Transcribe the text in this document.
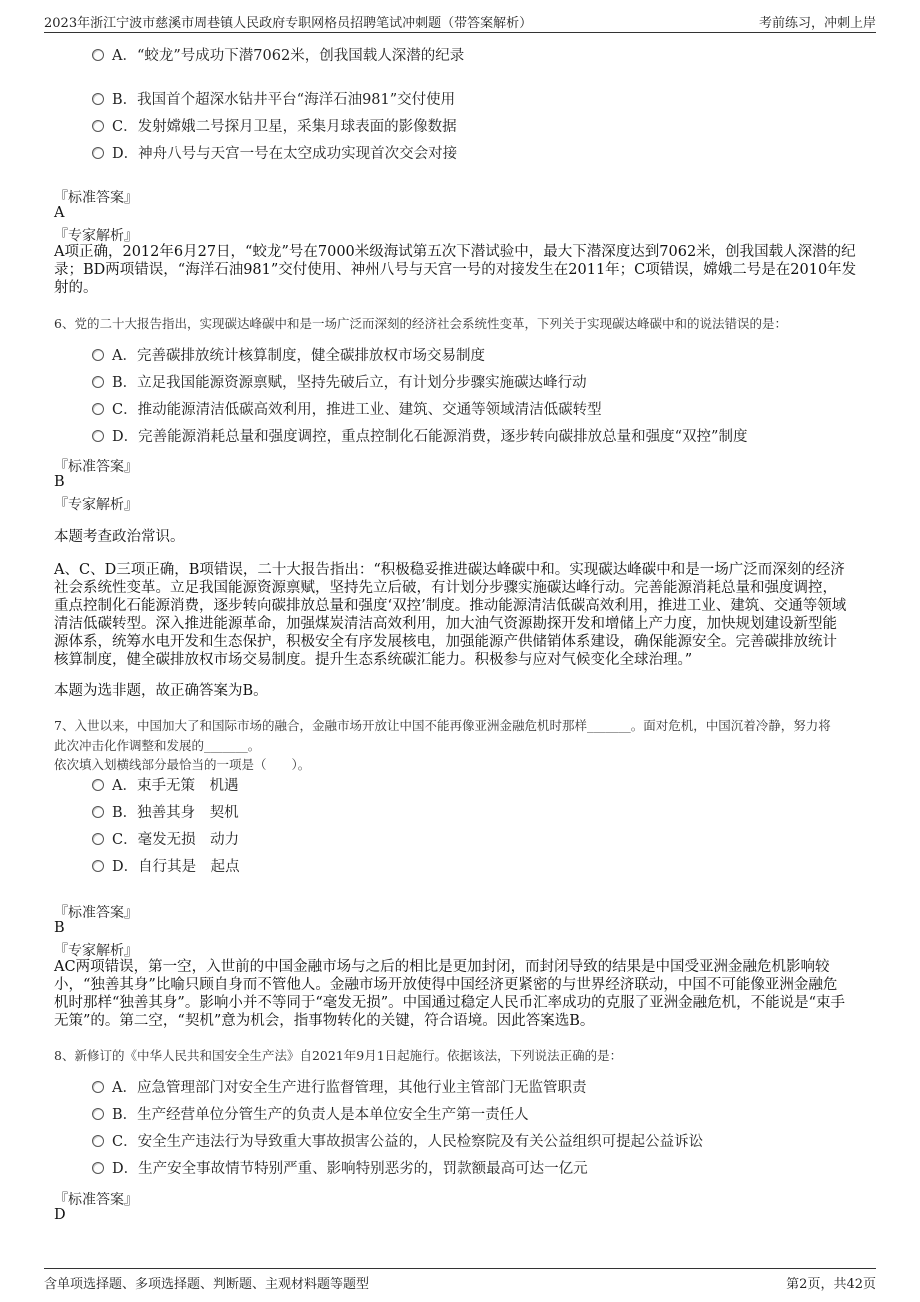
2023年浙江宁波市慈溪市周巷镇人民政府专职网格员招聘笔试冲刺题（带答案解析）	考前练习，冲刺上岸
A．“蛟龙”号成功下潜7062米，创我国载人深潜的纪录
B．我国首个超深水钻井平台“海洋石油981”交付使用
C．发射嫦娥二号探月卫星，采集月球表面的影像数据
D．神舟八号与天宫一号在太空成功实现首次交会对接
『标准答案』
A
『专家解析』
A项正确，2012年6月27日，“蛟龙”号在7000米级海试第五次下潜试验中，最大下潜深度达到7062米，创我国载人深潜的纪
录；BD两项错误，“海洋石油981”交付使用、神州八号与天宫一号的对接发生在2011年；C项错误，嫦娥二号是在2010年发
射的。
6、党的二十大报告指出，实现碳达峰碳中和是一场广泛而深刻的经济社会系统性变革，下列关于实现碳达峰碳中和的说法错误的是：
A．完善碳排放统计核算制度，健全碳排放权市场交易制度
B．立足我国能源资源禀赋，坚持先破后立，有计划分步骤实施碳达峰行动
C．推动能源清洁低碳高效利用，推进工业、建筑、交通等领域清洁低碳转型
D．完善能源消耗总量和强度调控，重点控制化石能源消费，逐步转向碳排放总量和强度“双控”制度
『标准答案』
B
『专家解析』
本题考查政治常识。
A、C、D三项正确，B项错误，二十大报告指出：“积极稳妥推进碳达峰碳中和。实现碳达峰碳中和是一场广泛而深刻的经济
社会系统性变革。立足我国能源资源禀赋，坚持先立后破，有计划分步骤实施碳达峰行动。完善能源消耗总量和强度调控，
重点控制化石能源消费，逐步转向碳排放总量和强度‘双控’制度。推动能源清洁低碳高效利用，推进工业、建筑、交通等领域
清洁低碳转型。深入推进能源革命，加强煤炭清洁高效利用，加大油气资源勘探开发和增储上产力度，加快规划建设新型能
源体系，统筹水电开发和生态保护，积极安全有序发展核电，加强能源产供储销体系建设，确保能源安全。完善碳排放统计
核算制度，健全碳排放权市场交易制度。提升生态系统碳汇能力。积极参与应对气候变化全球治理。”
本题为选非题，故正确答案为B。
7、入世以来，中国加大了和国际市场的融合，金融市场开放让中国不能再像亚洲金融危机时那样_______。面对危机，中国沉着冷静，努力将
此次冲击化作调整和发展的_______。
依次填入划横线部分最恰当的一项是（　　）。
A．束手无策　机遇
B．独善其身　契机
C．毫发无损　动力
D．自行其是　起点
『标准答案』
B
『专家解析』
AC两项错误，第一空，入世前的中国金融市场与之后的相比是更加封闭，而封闭导致的结果是中国受亚洲金融危机影响较
小，“独善其身”比喻只顾自身而不管他人。金融市场开放使得中国经济更紧密的与世界经济联动，中国不可能像亚洲金融危
机时那样“独善其身”。影响小并不等同于“毫发无损”。中国通过稳定人民币汇率成功的克服了亚洲金融危机，不能说是“束手
无策”的。第二空，“契机”意为机会，指事物转化的关键，符合语境。因此答案选B。
8、新修订的《中华人民共和国安全生产法》自2021年9月1日起施行。依据该法，下列说法正确的是：
A．应急管理部门对安全生产进行监督管理，其他行业主管部门无监管职责
B．生产经营单位分管生产的负责人是本单位安全生产第一责任人
C．安全生产违法行为导致重大事故损害公益的，人民检察院及有关公益组织可提起公益诉讼
D．生产安全事故情节特别严重、影响特别恶劣的，罚款额最高可达一亿元
『标准答案』
D
含单项选择题、多项选择题、判断题、主观材料题等题型	第2页，共42页
